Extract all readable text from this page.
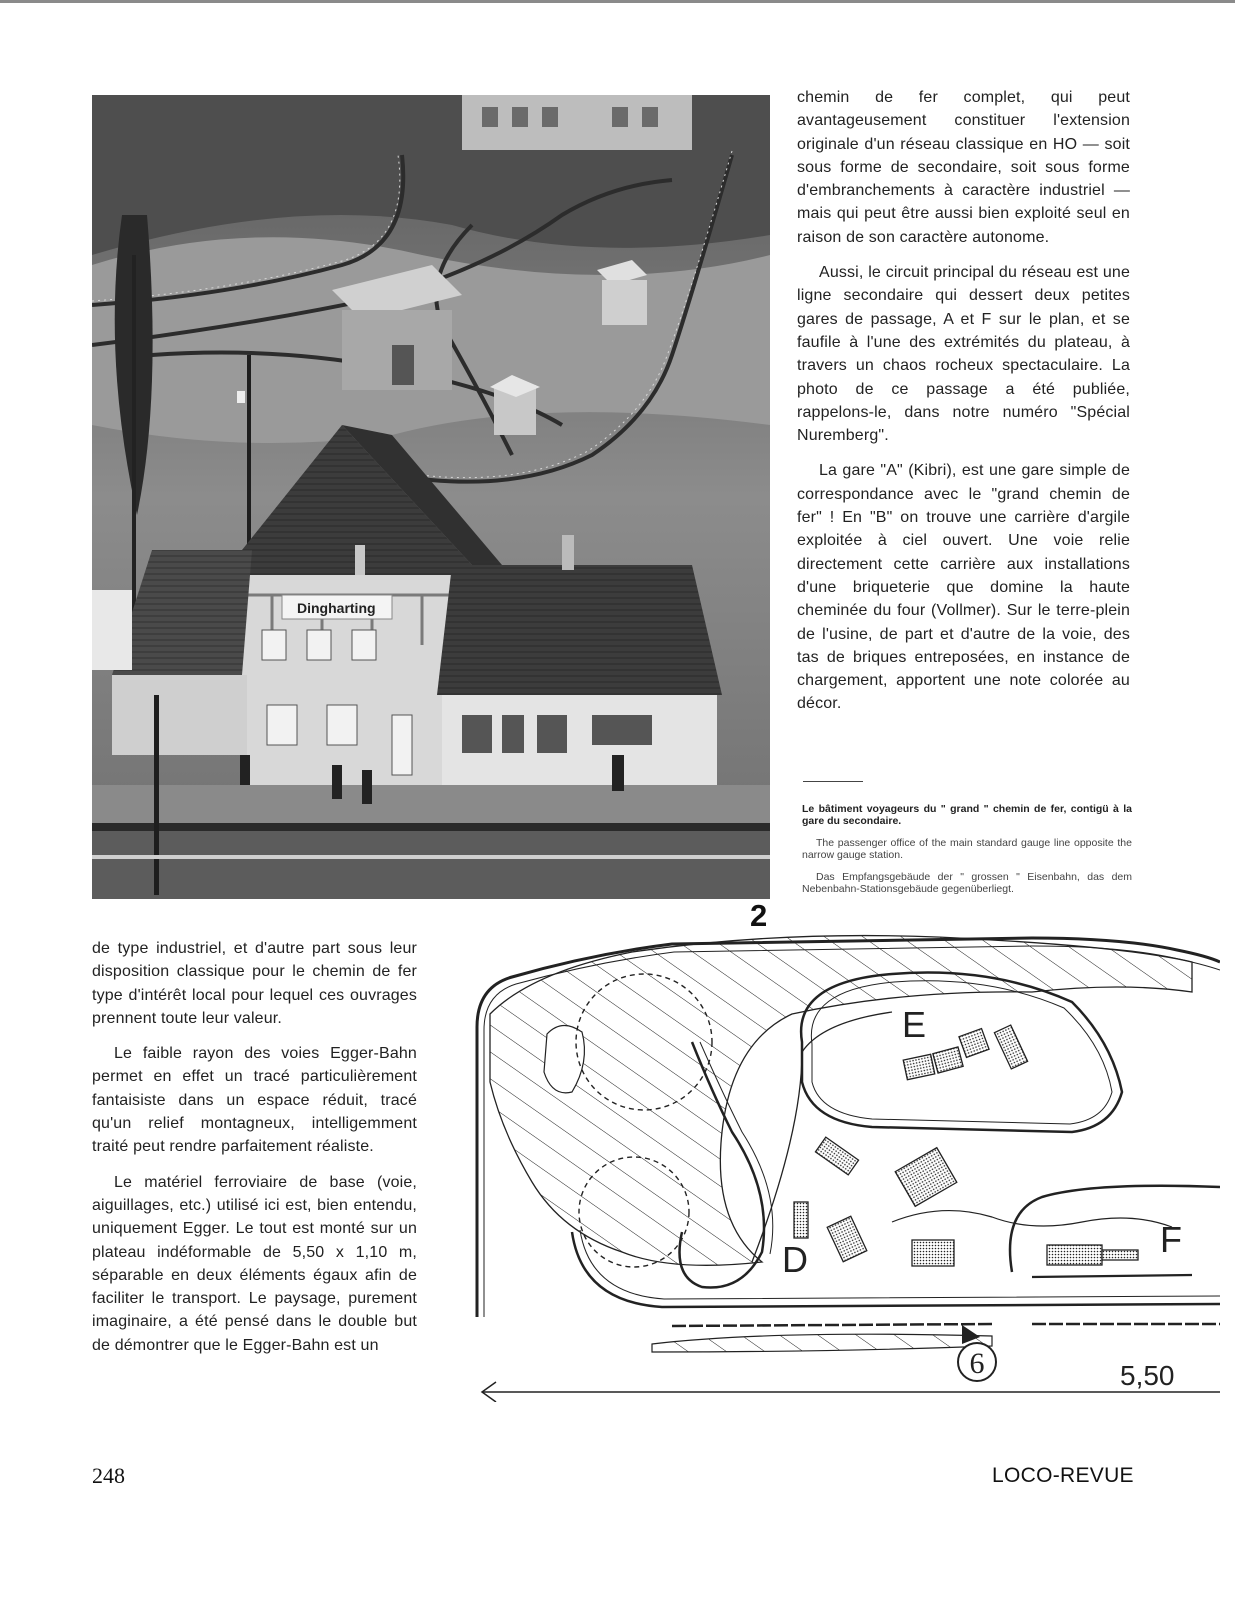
Dingharting

chemin de fer complet, qui peut avantageusement constituer l'extension originale d'un réseau classique en HO — soit sous forme de secondaire, soit sous forme d'embranchements à caractère industriel — mais qui peut être aussi bien exploité seul en raison de son caractère autonome.

Aussi, le circuit principal du réseau est une ligne secondaire qui dessert deux petites gares de passage, A et F sur le plan, et se faufile à l'une des extrémités du plateau, à travers un chaos rocheux spectaculaire. La photo de ce passage a été publiée, rappelons-le, dans notre numéro "Spécial Nuremberg".

La gare "A" (Kibri), est une gare simple de correspondance avec le "grand chemin de fer" ! En "B" on trouve une carrière d'argile exploitée à ciel ouvert. Une voie relie directement cette carrière aux installations d'une briqueterie que domine la haute cheminée du four (Vollmer). Sur le terre-plein de l'usine, de part et d'autre de la voie, des tas de briques entreposées, en instance de chargement, apportent une note colorée au décor.

Le bâtiment voyageurs du " grand " chemin de fer, contigü à la gare du secondaire.

The passenger office of the main standard gauge line opposite the narrow gauge station.

Das Empfangsgebäude der " grossen " Eisenbahn, das dem Nebenbahn-Stationsgebäude gegenüberliegt.

2

de type industriel, et d'autre part sous leur disposition classique pour le chemin de fer type d'intérêt local pour lequel ces ouvrages prennent toute leur valeur.

Le faible rayon des voies Egger-Bahn permet en effet un tracé particulièrement fantaisiste dans un espace réduit, tracé qu'un relief montagneux, intelligemment traité peut rendre parfaitement réaliste.

Le matériel ferroviaire de base (voie, aiguillages, etc.) utilisé ici est, bien entendu, uniquement Egger. Le tout est monté sur un plateau indéformable de 5,50 x 1,10 m, séparable en deux éléments égaux afin de faciliter le transport. Le paysage, purement imaginaire, a été pensé dans le double but de démontrer que le Egger-Bahn est un

E
D	F
6	5,50
248	LOCO-REVUE
